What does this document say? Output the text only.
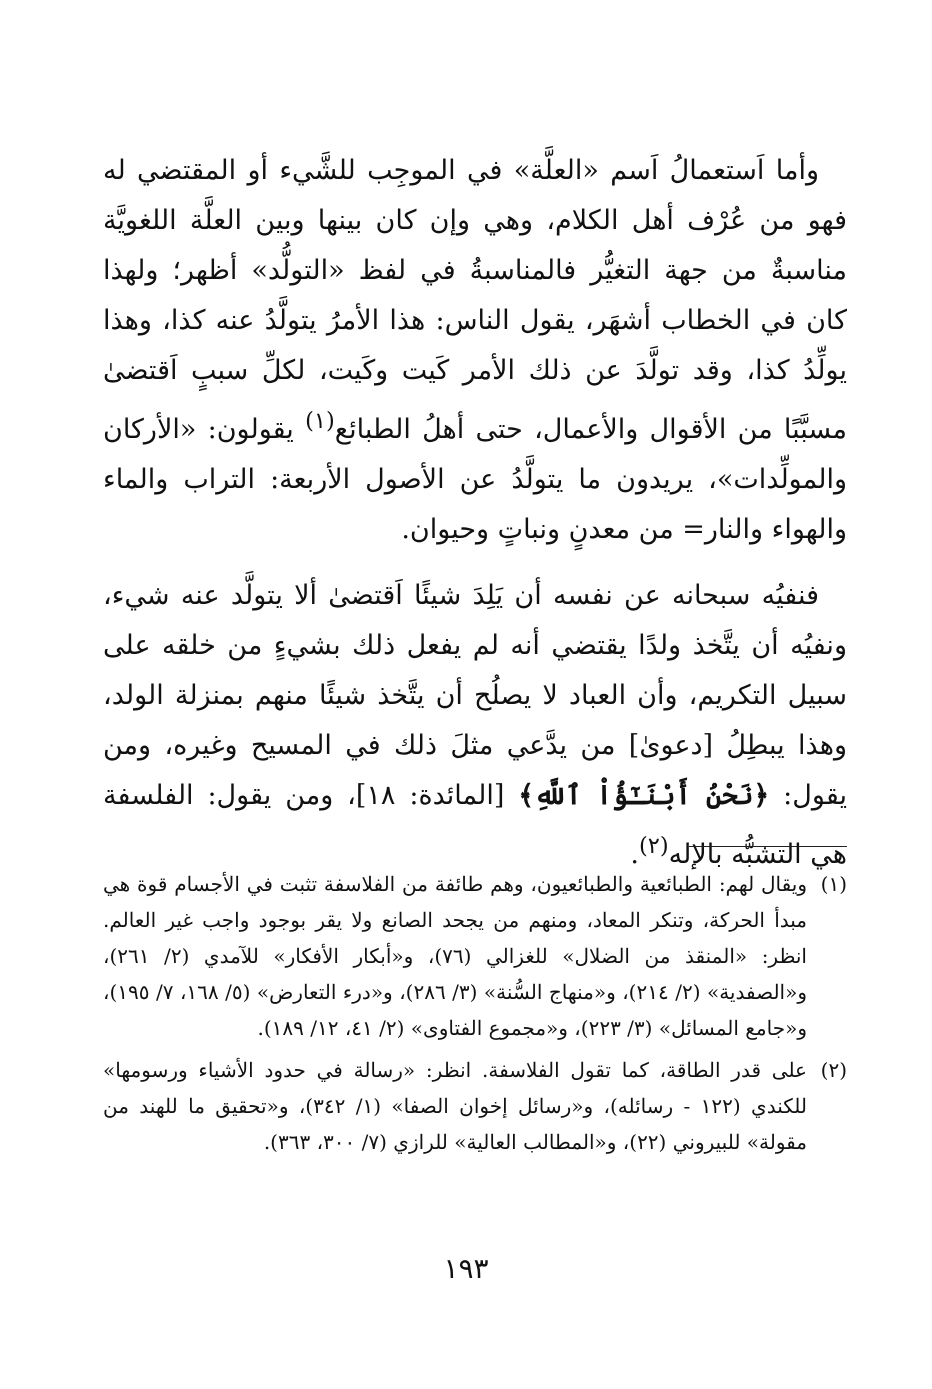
وأما اَستعمالُ اَسم «العلَّة» في الموجِب للشَّيء أو المقتضي له فهو من عُرْف أهل الكلام، وهي وإن كان بينها وبين العلَّة اللغويَّة مناسبةٌ من جهة التغيُّر فالمناسبةُ في لفظ «التولُّد» أظهر؛ ولهذا كان في الخطاب أشهَر، يقول الناس: هذا الأمرُ يتولَّدُ عنه كذا، وهذا يولِّدُ كذا، وقد تولَّدَ عن ذلك الأمر كَيت وكَيت، لكلِّ سببٍ اَقتضىٰ مسبَّبًا من الأقوال والأعمال، حتى أهلُ الطبائع$^{(١)}$ يقولون: «الأركان والمولِّدات»، يريدون ما يتولَّدُ عن الأصول الأربعة: التراب والماء والهواء والنار= من معدنٍ ونباتٍ وحيوان.

فنفيُه سبحانه عن نفسه أن يَلِدَ شيئًا اَقتضىٰ ألا يتولَّد عنه شيء، ونفيُه أن يتَّخذ ولدًا يقتضي أنه لم يفعل ذلك بشيءٍ من خلقه على سبيل التكريم، وأن العباد لا يصلُح أن يتَّخذ شيئًا منهم بمنزلة الولد، وهذا يبطِلُ [دعوىٰ] من يدَّعي مثلَ ذلك في المسيح وغيره، ومن يقول: ﴿نَحْنُ أَبْنَـٰٓؤُاْ ٱللَّهِ﴾ [المائدة: ١٨]، ومن يقول: الفلسفة هي التشبُّه بالإله$^{(٢)}$.

(١)
ويقال لهم: الطبائعية والطبائعيون، وهم طائفة من الفلاسفة تثبت في الأجسام قوة هي مبدأ الحركة، وتنكر المعاد، ومنهم من يجحد الصانع ولا يقر بوجود واجب غير العالم. انظر: «المنقذ من الضلال» للغزالي (٧٦)، و«أبكار الأفكار» للآمدي (٢/ ٢٦١)، و«الصفدية» (٢/ ٢١٤)، و«منهاج السُّنة» (٣/ ٢٨٦)، و«درء التعارض» (٥/ ١٦٨، ٧/ ١٩٥)، و«جامع المسائل» (٣/ ٢٢٣)، و«مجموع الفتاوى» (٢/ ٤١، ١٢/ ١٨٩).
(٢)
على قدر الطاقة، كما تقول الفلاسفة. انظر: «رسالة في حدود الأشياء ورسومها» للكندي (١٢٢ - رسائله)، و«رسائل إخوان الصفا» (١/ ٣٤٢)، و«تحقيق ما للهند من مقولة» للبيروني (٢٢)، و«المطالب العالية» للرازي (٧/ ٣٠٠، ٣٦٣).
١٩٣
